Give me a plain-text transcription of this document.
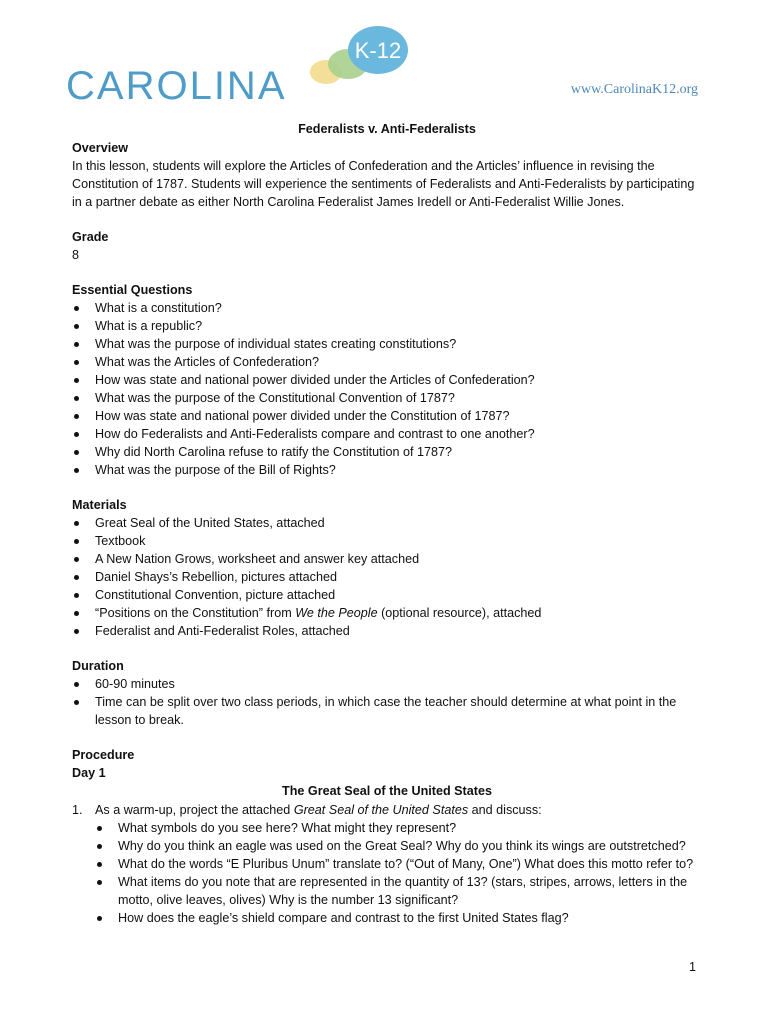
K-12
CAROLINA	www.CarolinaK12.org

Federalists v. Anti-Federalists

Overview

In this lesson, students will explore the Articles of Confederation and the Articles’ influence in revising the Constitution of 1787. Students will experience the sentiments of Federalists and Anti-Federalists by participating in a partner debate as either North Carolina Federalist James Iredell or Anti-Federalist Willie Jones.

Grade

8

Essential Questions

What is a constitution?
What is a republic?
What was the purpose of individual states creating constitutions?
What was the Articles of Confederation?
How was state and national power divided under the Articles of Confederation?
What was the purpose of the Constitutional Convention of 1787?
How was state and national power divided under the Constitution of 1787?
How do Federalists and Anti-Federalists compare and contrast to one another?
Why did North Carolina refuse to ratify the Constitution of 1787?
What was the purpose of the Bill of Rights?

Materials

Great Seal of the United States, attached
Textbook
A New Nation Grows, worksheet and answer key attached
Daniel Shays’s Rebellion, pictures attached
Constitutional Convention, picture attached
“Positions on the Constitution” from We the People (optional resource), attached
Federalist and Anti-Federalist Roles, attached

Duration

60-90 minutes
Time can be split over two class periods, in which case the teacher should determine at what point in the lesson to break.

Procedure

Day 1

The Great Seal of the United States

1. As a warm-up, project the attached Great Seal of the United States and discuss:
What symbols do you see here? What might they represent?
Why do you think an eagle was used on the Great Seal? Why do you think its wings are outstretched?
What do the words “E Pluribus Unum” translate to? (“Out of Many, One”) What does this motto refer to?
What items do you note that are represented in the quantity of 13? (stars, stripes, arrows, letters in the motto, olive leaves, olives) Why is the number 13 significant?
How does the eagle’s shield compare and contrast to the first United States flag?
1
